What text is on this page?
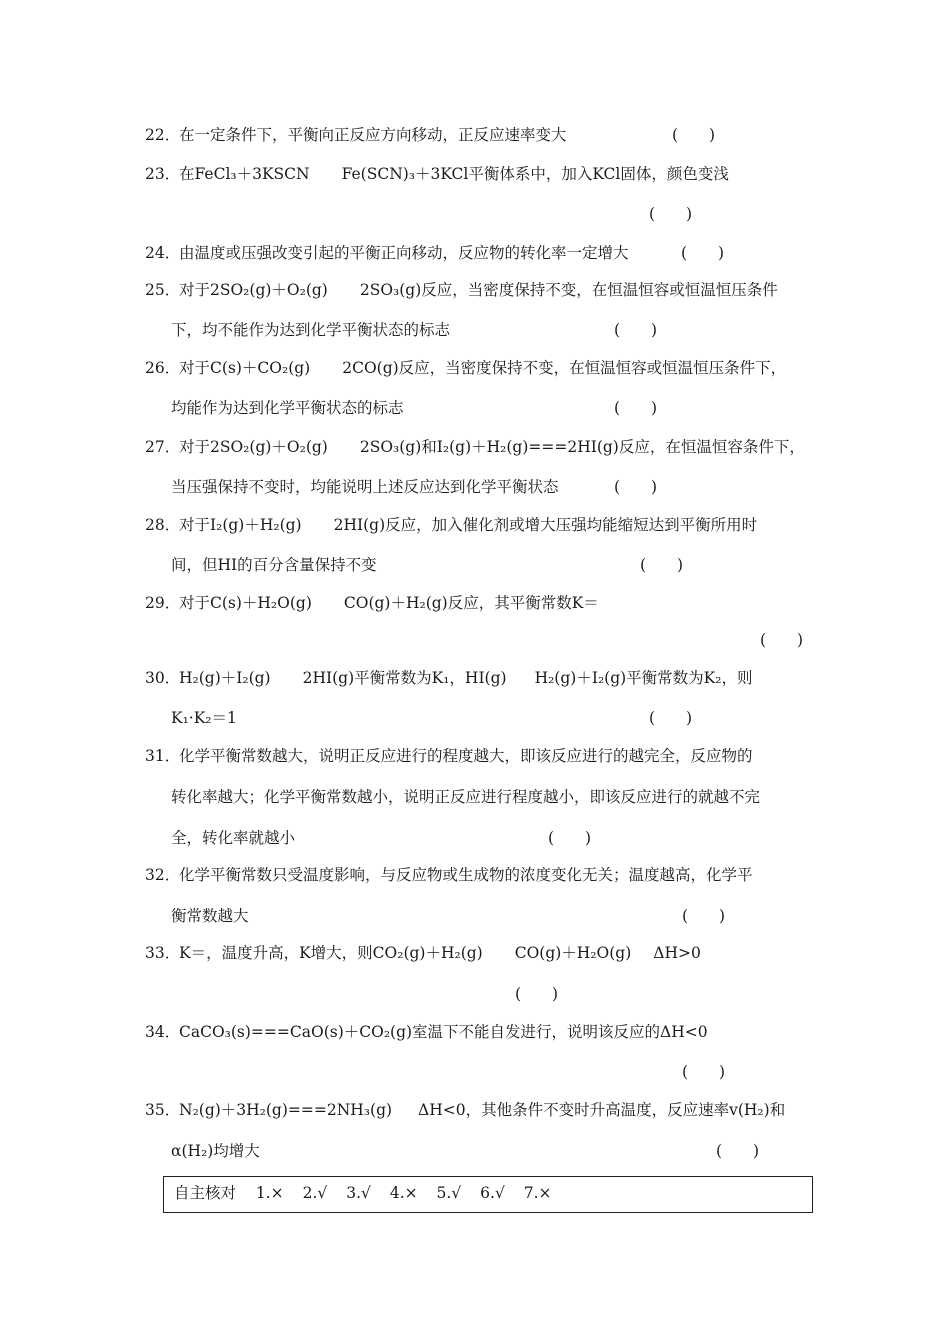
22．在一定条件下，平衡向正反应方向移动，正反应速率变大	(　　)
23．在FeCl₃＋3KSCN Fe(SCN)₃＋3KCl平衡体系中，加入KCl固体，颜色变浅
(　　)
24．由温度或压强改变引起的平衡正向移动，反应物的转化率一定增大	(　　)
25．对于2SO₂(g)＋O₂(g) 2SO₃(g)反应，当密度保持不变，在恒温恒容或恒温恒压条件
下，均不能作为达到化学平衡状态的标志	(　　)
26．对于C(s)＋CO₂(g) 2CO(g)反应，当密度保持不变，在恒温恒容或恒温恒压条件下，
均能作为达到化学平衡状态的标志	(　　)
27．对于2SO₂(g)＋O₂(g) 2SO₃(g)和I₂(g)＋H₂(g)===2HI(g)反应，在恒温恒容条件下，
当压强保持不变时，均能说明上述反应达到化学平衡状态	(　　)
28．对于I₂(g)＋H₂(g) 2HI(g)反应，加入催化剂或增大压强均能缩短达到平衡所用时
间，但HI的百分含量保持不变	(　　)
29．对于C(s)＋H₂O(g) CO(g)＋H₂(g)反应，其平衡常数K＝
(　　)
30．H₂(g)＋I₂(g) 2HI(g)平衡常数为K₁，HI(g) H₂(g)＋I₂(g)平衡常数为K₂，则
K₁·K₂＝1	(　　)
31．化学平衡常数越大，说明正反应进行的程度越大，即该反应进行的越完全，反应物的
转化率越大；化学平衡常数越小，说明正反应进行程度越小，即该反应进行的就越不完
全，转化率就越小	(　　)
32．化学平衡常数只受温度影响，与反应物或生成物的浓度变化无关；温度越高，化学平
衡常数越大	(　　)
33．K＝，温度升高，K增大，则CO₂(g)＋H₂(g) CO(g)＋H₂O(g) ΔH>0
(　　)
34．CaCO₃(s)===CaO(s)＋CO₂(g)室温下不能自发进行，说明该反应的ΔH<0
(　　)
35．N₂(g)＋3H₂(g)===2NH₃(g) ΔH<0，其他条件不变时升高温度，反应速率v(H₂)和
α(H₂)均增大	(　　)
自主核对 1.× 2.√ 3.√ 4.× 5.√ 6.√ 7.×
